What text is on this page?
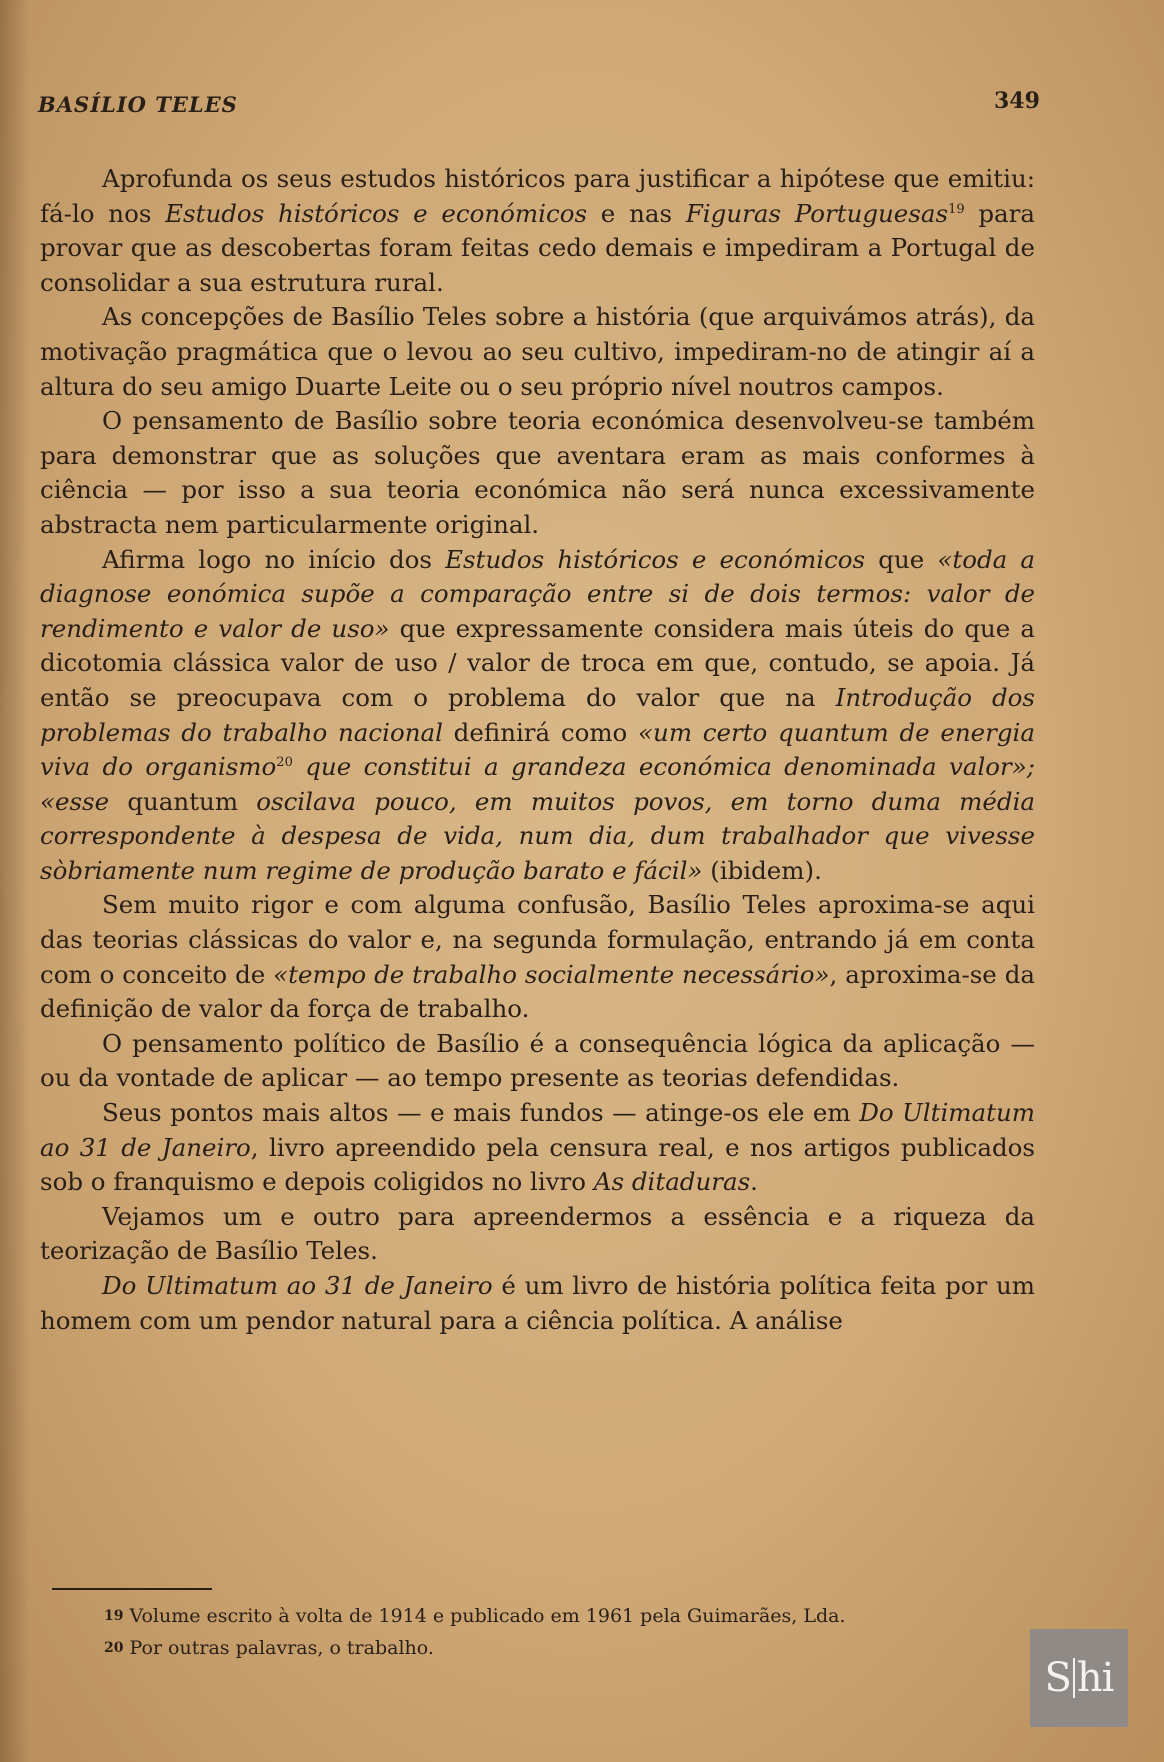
BASÍLIO TELES	349

Aprofunda os seus estudos históricos para justificar a hipótese que emitiu: fá-lo nos Estudos históricos e económicos e nas Figuras Portuguesas$^{19}$ para provar que as descobertas foram feitas cedo demais e impediram a Portugal de consolidar a sua estrutura rural.

As concepções de Basílio Teles sobre a história (que arquivámos atrás), da motivação pragmática que o levou ao seu cultivo, impediram-no de atingir aí a altura do seu amigo Duarte Leite ou o seu próprio nível noutros campos.

O pensamento de Basílio sobre teoria económica desenvolveu-se também para demonstrar que as soluções que aventara eram as mais conformes à ciência — por isso a sua teoria económica não será nunca excessivamente abstracta nem particularmente original.

Afirma logo no início dos Estudos históricos e económicos que «toda a diagnose eonómica supõe a comparação entre si de dois termos: valor de rendimento e valor de uso» que expressamente considera mais úteis do que a dicotomia clássica valor de uso / valor de troca em que, contudo, se apoia. Já então se preocupava com o problema do valor que na Introdução dos problemas do trabalho nacional definirá como «um certo quantum de energia viva do organismo$^{20}$ que constitui a grandeza económica denominada valor»; «esse quantum oscilava pouco, em muitos povos, em torno duma média correspondente à despesa de vida, num dia, dum trabalhador que vivesse sòbriamente num regime de produção barato e fácil» (ibidem).

Sem muito rigor e com alguma confusão, Basílio Teles aproxima-se aqui das teorias clássicas do valor e, na segunda formulação, entrando já em conta com o conceito de «tempo de trabalho socialmente necessário», aproxima-se da definição de valor da força de trabalho.

O pensamento político de Basílio é a consequência lógica da aplicação — ou da vontade de aplicar — ao tempo presente as teorias defendidas.

Seus pontos mais altos — e mais fundos — atinge-os ele em Do Ultimatum ao 31 de Janeiro, livro apreendido pela censura real, e nos artigos publicados sob o franquismo e depois coligidos no livro As ditaduras.

Vejamos um e outro para apreendermos a essência e a riqueza da teorização de Basílio Teles.

Do Ultimatum ao 31 de Janeiro é um livro de história política feita por um homem com um pendor natural para a ciência política. A análise

19 Volume escrito à volta de 1914 e publicado em 1961 pela Guimarães, Lda.
20 Por outras palavras, o trabalho.
S hi
